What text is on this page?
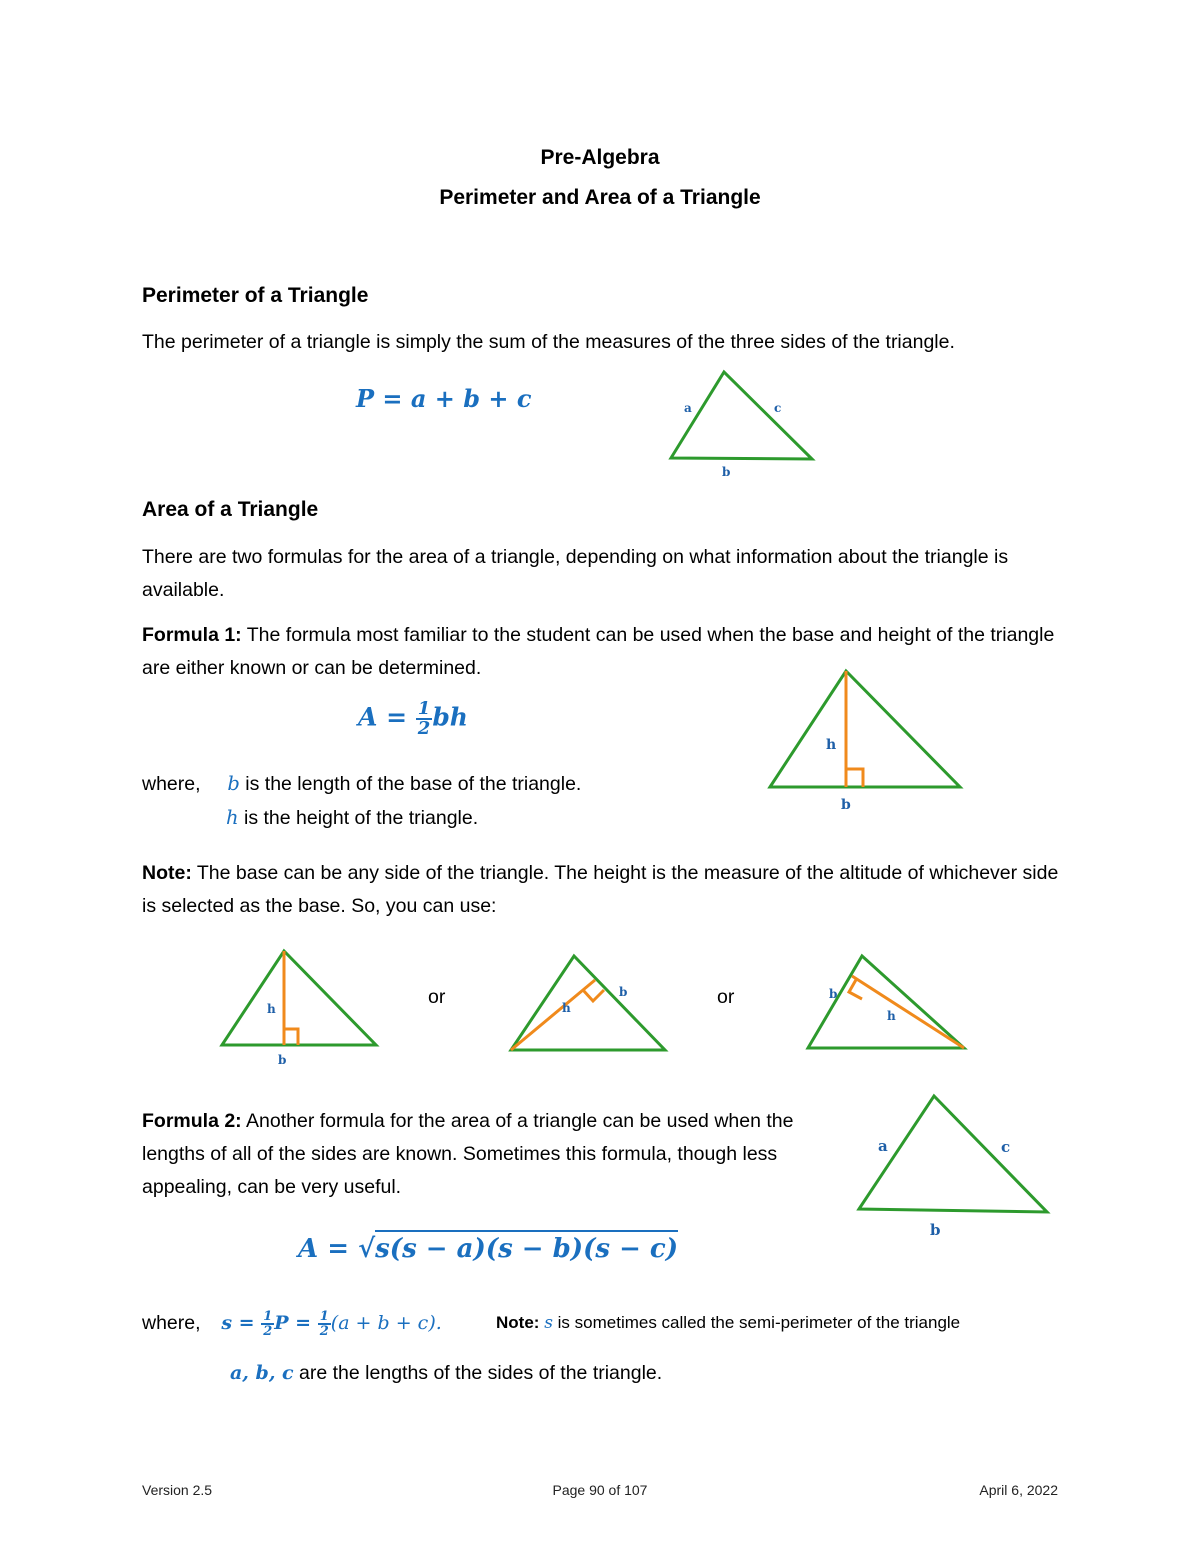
Pre-Algebra
Perimeter and Area of a Triangle
Perimeter of a Triangle
The perimeter of a triangle is simply the sum of the measures of the three sides of the triangle.
P = a + b + c	a	c
b
Area of a Triangle
There are two formulas for the area of a triangle, depending on what information about the triangle is available.
Formula 1: The formula most familiar to the student can be used when the base and height of the triangle are either known or can be determined.
$A = \frac{1}{2}$ bh
where, b is the length of the base of the triangle.
h is the height of the triangle.
h
b
Note: The base can be any side of the triangle. The height is the measure of the altitude of whichever side is selected as the base. So, you can use:
h
b
or	h
b	or	b
h
Formula 2: Another formula for the area of a triangle can be used when the lengths of all of the sides are known. Sometimes this formula, though less appealing, can be very useful.
a	c
b
A = √s(s − a)(s − b)(s − c)
where, $s = \frac{1}{2}$ $P = \frac{1}{2} (a + b + c)$.	Note: s is sometimes called the semi-perimeter of the triangle
a, b, c are the lengths of the sides of the triangle.
Version 2.5	Page 90 of 107	April 6, 2022
